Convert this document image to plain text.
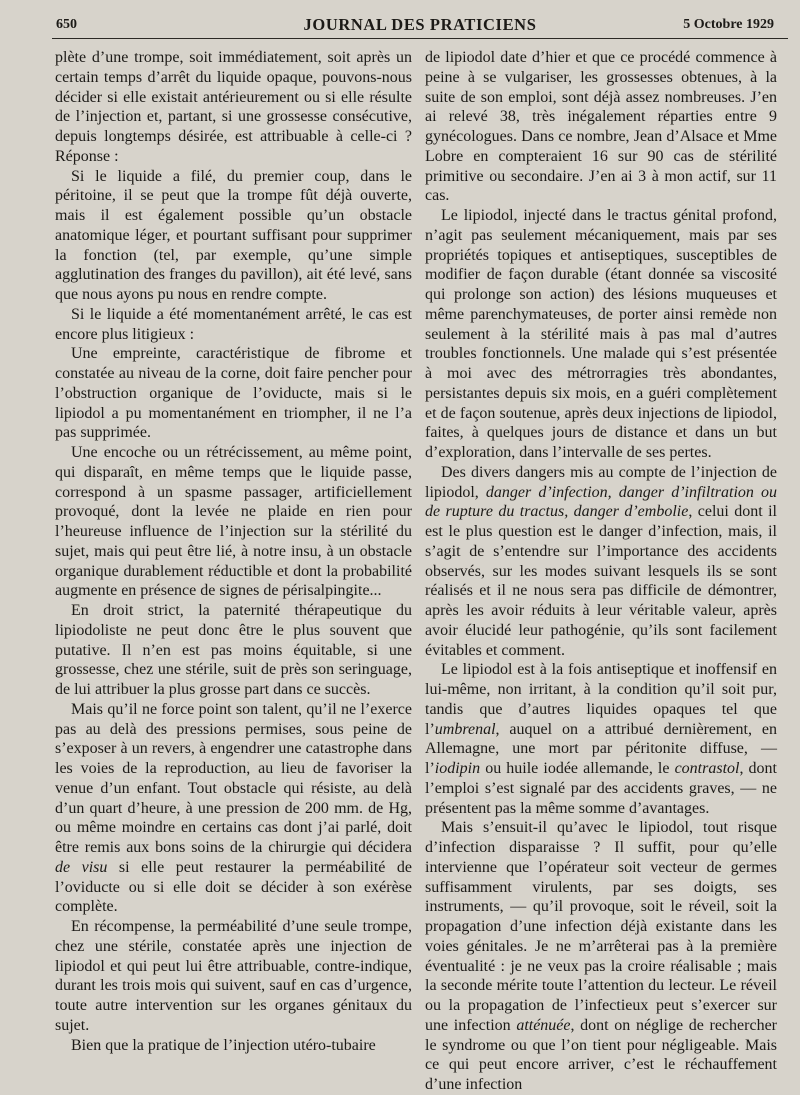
650	JOURNAL DES PRATICIENS	5 Octobre 1929

plète d’une trompe, soit immédiatement, soit après un certain temps d’arrêt du liquide opaque, pouvons-nous décider si elle existait antérieurement ou si elle résulte de l’injection et, partant, si une grossesse consécutive, depuis longtemps désirée, est attribuable à celle-ci ? Réponse :

Si le liquide a filé, du premier coup, dans le péritoine, il se peut que la trompe fût déjà ouverte, mais il est également possible qu’un obstacle anatomique léger, et pourtant suffisant pour supprimer la fonction (tel, par exemple, qu’une simple agglutination des franges du pavillon), ait été levé, sans que nous ayons pu nous en rendre compte.

Si le liquide a été momentanément arrêté, le cas est encore plus litigieux :

Une empreinte, caractéristique de fibrome et constatée au niveau de la corne, doit faire pencher pour l’obstruction organique de l’oviducte, mais si le lipiodol a pu momentanément en triompher, il ne l’a pas supprimée.

Une encoche ou un rétrécissement, au même point, qui disparaît, en même temps que le liquide passe, correspond à un spasme passager, artificiellement provoqué, dont la levée ne plaide en rien pour l’heureuse influence de l’injection sur la stérilité du sujet, mais qui peut être lié, à notre insu, à un obstacle organique durablement réductible et dont la probabilité augmente en présence de signes de périsalpingite...

En droit strict, la paternité thérapeutique du lipiodoliste ne peut donc être le plus souvent que putative. Il n’en est pas moins équitable, si une grossesse, chez une stérile, suit de près son seringuage, de lui attribuer la plus grosse part dans ce succès.

Mais qu’il ne force point son talent, qu’il ne l’exerce pas au delà des pressions permises, sous peine de s’exposer à un revers, à engendrer une catastrophe dans les voies de la reproduction, au lieu de favoriser la venue d’un enfant. Tout obstacle qui résiste, au delà d’un quart d’heure, à une pression de 200 mm. de Hg, ou même moindre en certains cas dont j’ai parlé, doit être remis aux bons soins de la chirurgie qui décidera de visu si elle peut restaurer la perméabilité de l’oviducte ou si elle doit se décider à son exérèse complète.

En récompense, la perméabilité d’une seule trompe, chez une stérile, constatée après une injection de lipiodol et qui peut lui être attribuable, contre-indique, durant les trois mois qui suivent, sauf en cas d’urgence, toute autre intervention sur les organes génitaux du sujet.

Bien que la pratique de l’injection utéro-tubaire

de lipiodol date d’hier et que ce procédé commence à peine à se vulgariser, les grossesses obtenues, à la suite de son emploi, sont déjà assez nombreuses. J’en ai relevé 38, très inégalement réparties entre 9 gynécologues. Dans ce nombre, Jean d’Alsace et Mme Lobre en compteraient 16 sur 90 cas de stérilité primitive ou secondaire. J’en ai 3 à mon actif, sur 11 cas.

Le lipiodol, injecté dans le tractus génital profond, n’agit pas seulement mécaniquement, mais par ses propriétés topiques et antiseptiques, susceptibles de modifier de façon durable (étant donnée sa viscosité qui prolonge son action) des lésions muqueuses et même parenchymateuses, de porter ainsi remède non seulement à la stérilité mais à pas mal d’autres troubles fonctionnels. Une malade qui s’est présentée à moi avec des métrorragies très abondantes, persistantes depuis six mois, en a guéri complètement et de façon soutenue, après deux injections de lipiodol, faites, à quelques jours de distance et dans un but d’exploration, dans l’intervalle de ses pertes.

Des divers dangers mis au compte de l’injection de lipiodol, danger d’infection, danger d’infiltration ou de rupture du tractus, danger d’embolie, celui dont il est le plus question est le danger d’infection, mais, il s’agit de s’entendre sur l’importance des accidents observés, sur les modes suivant lesquels ils se sont réalisés et il ne nous sera pas difficile de démontrer, après les avoir réduits à leur véritable valeur, après avoir élucidé leur pathogénie, qu’ils sont facilement évitables et comment.

Le lipiodol est à la fois antiseptique et inoffensif en lui-même, non irritant, à la condition qu’il soit pur, tandis que d’autres liquides opaques tel que l’umbrenal, auquel on a attribué dernièrement, en Allemagne, une mort par péritonite diffuse, — l’iodipin ou huile iodée allemande, le contrastol, dont l’emploi s’est signalé par des accidents graves, — ne présentent pas la même somme d’avantages.

Mais s’ensuit-il qu’avec le lipiodol, tout risque d’infection disparaisse ? Il suffit, pour qu’elle intervienne que l’opérateur soit vecteur de germes suffisamment virulents, par ses doigts, ses instruments, — qu’il provoque, soit le réveil, soit la propagation d’une infection déjà existante dans les voies génitales. Je ne m’arrêterai pas à la première éventualité : je ne veux pas la croire réalisable ; mais la seconde mérite toute l’attention du lecteur. Le réveil ou la propagation de l’infectieux peut s’exercer sur une infection atténuée, dont on néglige de rechercher le syndrome ou que l’on tient pour négligeable. Mais ce qui peut encore arriver, c’est le réchauffement d’une infection
